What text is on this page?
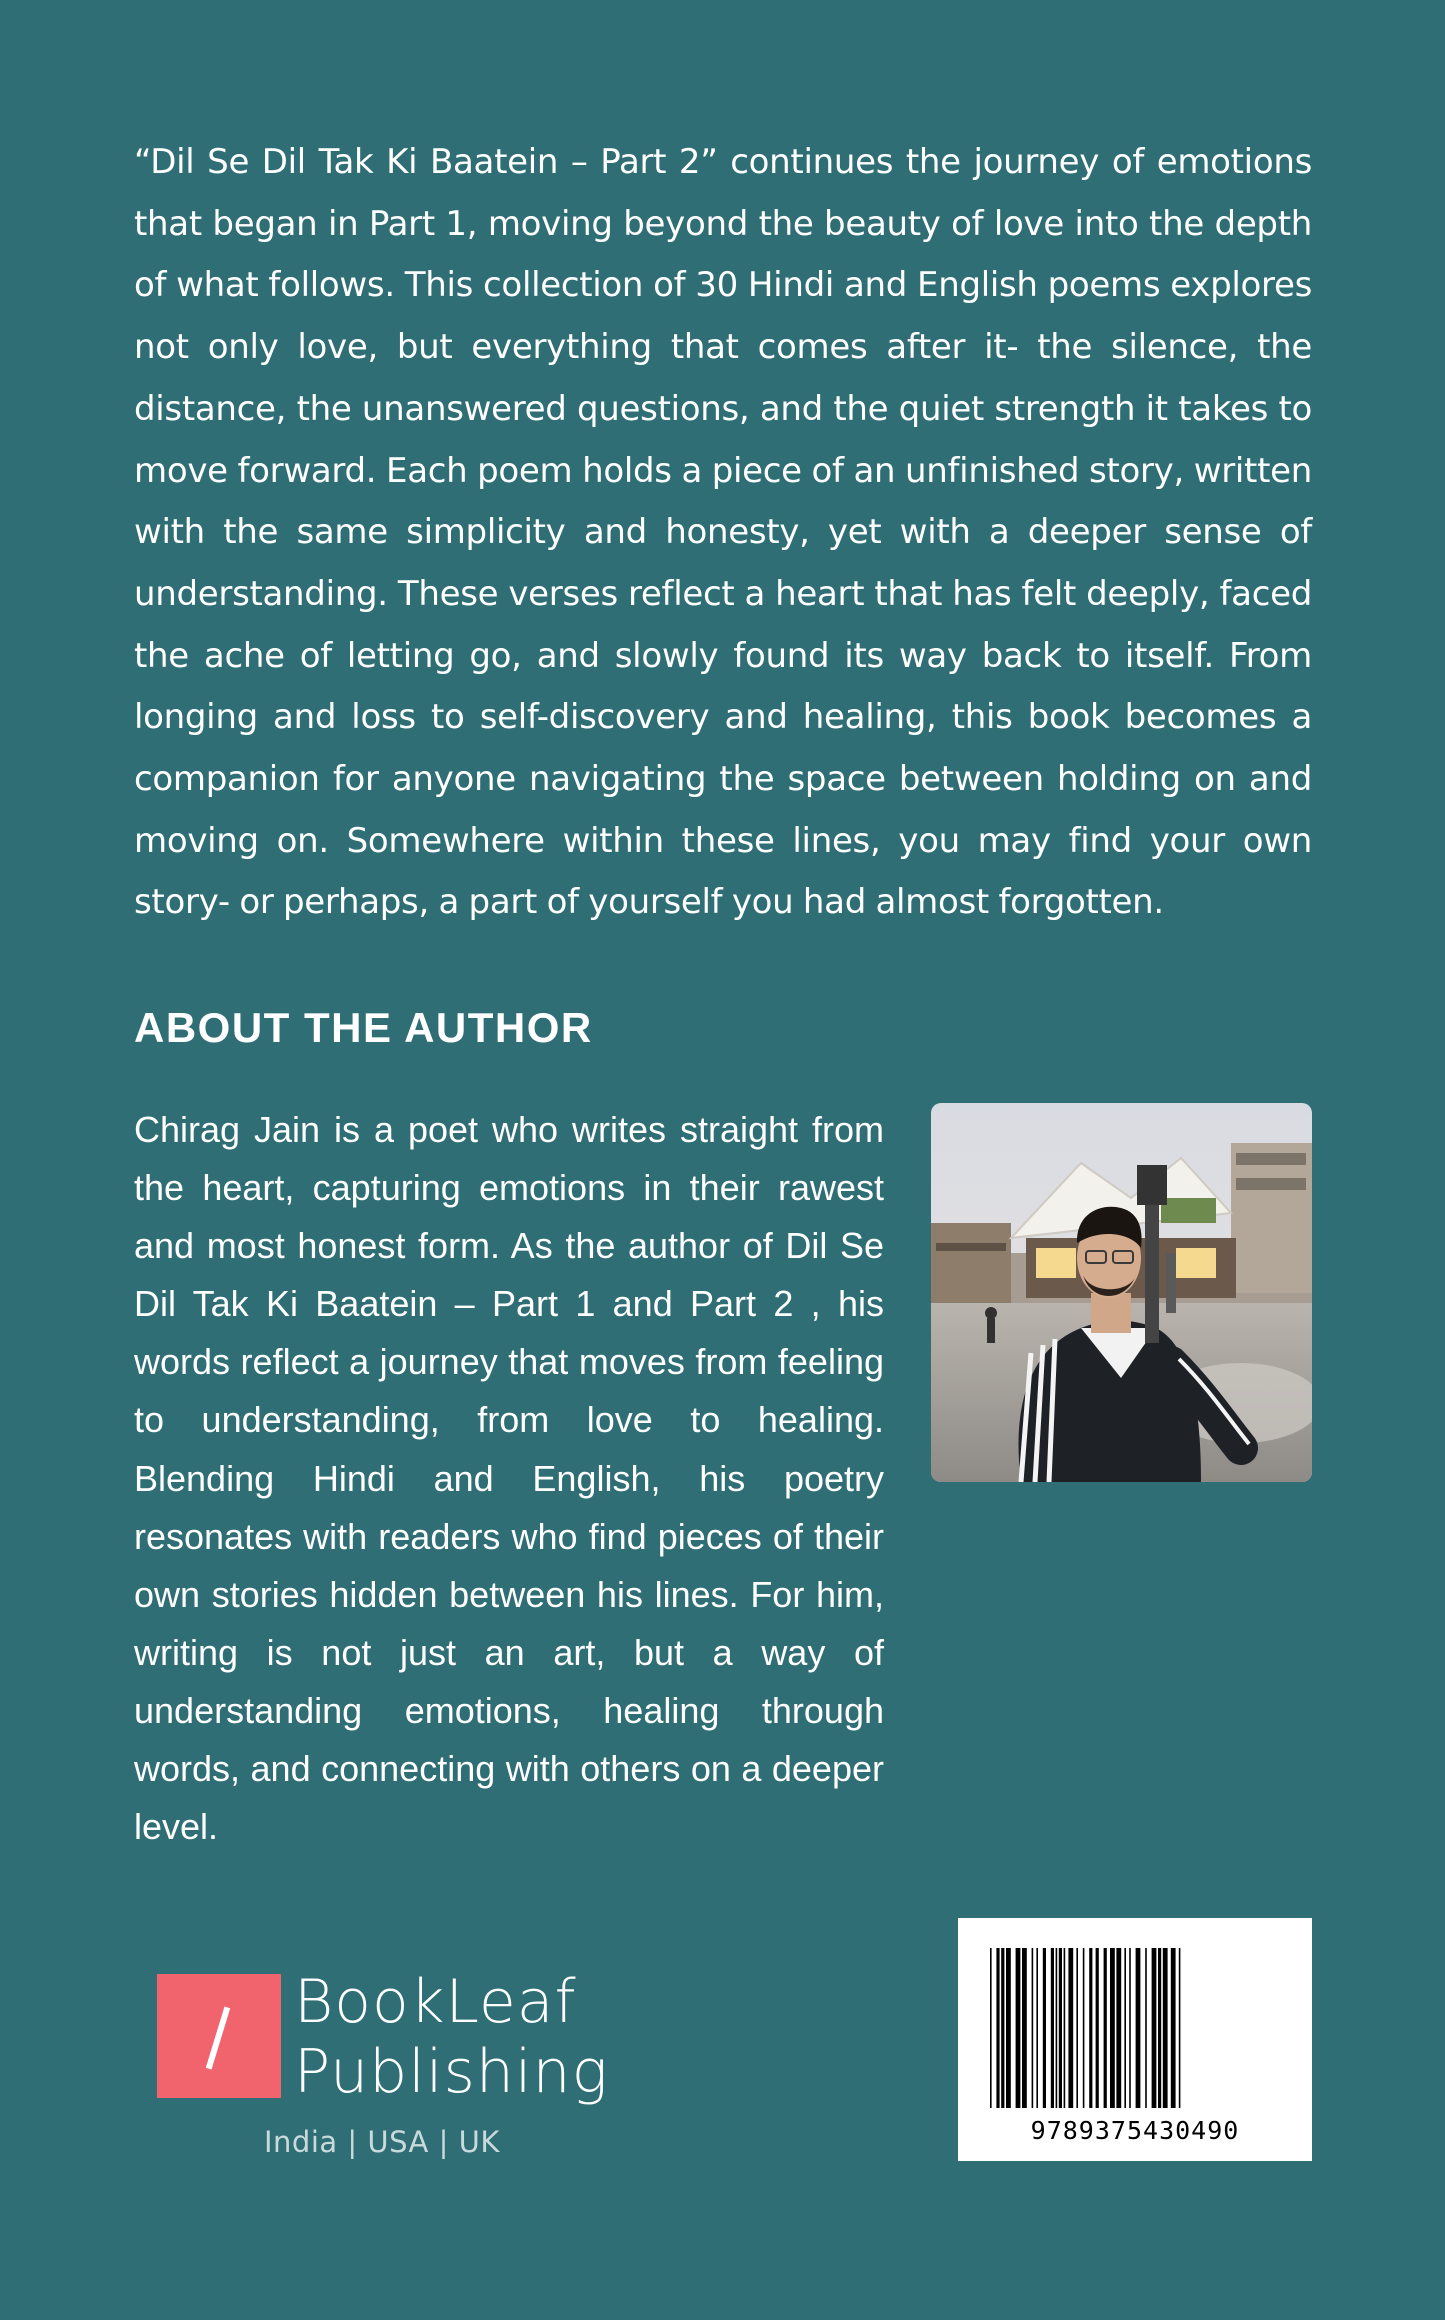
“Dil Se Dil Tak Ki Baatein – Part 2” continues the journey of emotions that began in Part 1, moving beyond the beauty of love into the depth of what follows. This collection of 30 Hindi and English poems explores not only love, but everything that comes after it- the silence, the distance, the unanswered questions, and the quiet strength it takes to move forward. Each poem holds a piece of an unfinished story, written with the same simplicity and honesty, yet with a deeper sense of understanding. These verses reflect a heart that has felt deeply, faced the ache of letting go, and slowly found its way back to itself. From longing and loss to self-discovery and healing, this book becomes a companion for anyone navigating the space between holding on and moving on. Somewhere within these lines, you may find your own story- or perhaps, a part of yourself you had almost forgotten.

ABOUT THE AUTHOR

Chirag Jain is a poet who writes straight from the heart, capturing emotions in their rawest and most honest form. As the author of Dil Se Dil Tak Ki Baatein – Part 1 and Part 2 , his words reflect a journey that moves from feeling to understanding, from love to healing. Blending Hindi and English, his poetry resonates with readers who find pieces of their own stories hidden between his lines. For him, writing is not just an art, but a way of understanding emotions, healing through words, and connecting with others on a deeper level.

BookLeaf
Publishing
India | USA | UK	9789375430490
